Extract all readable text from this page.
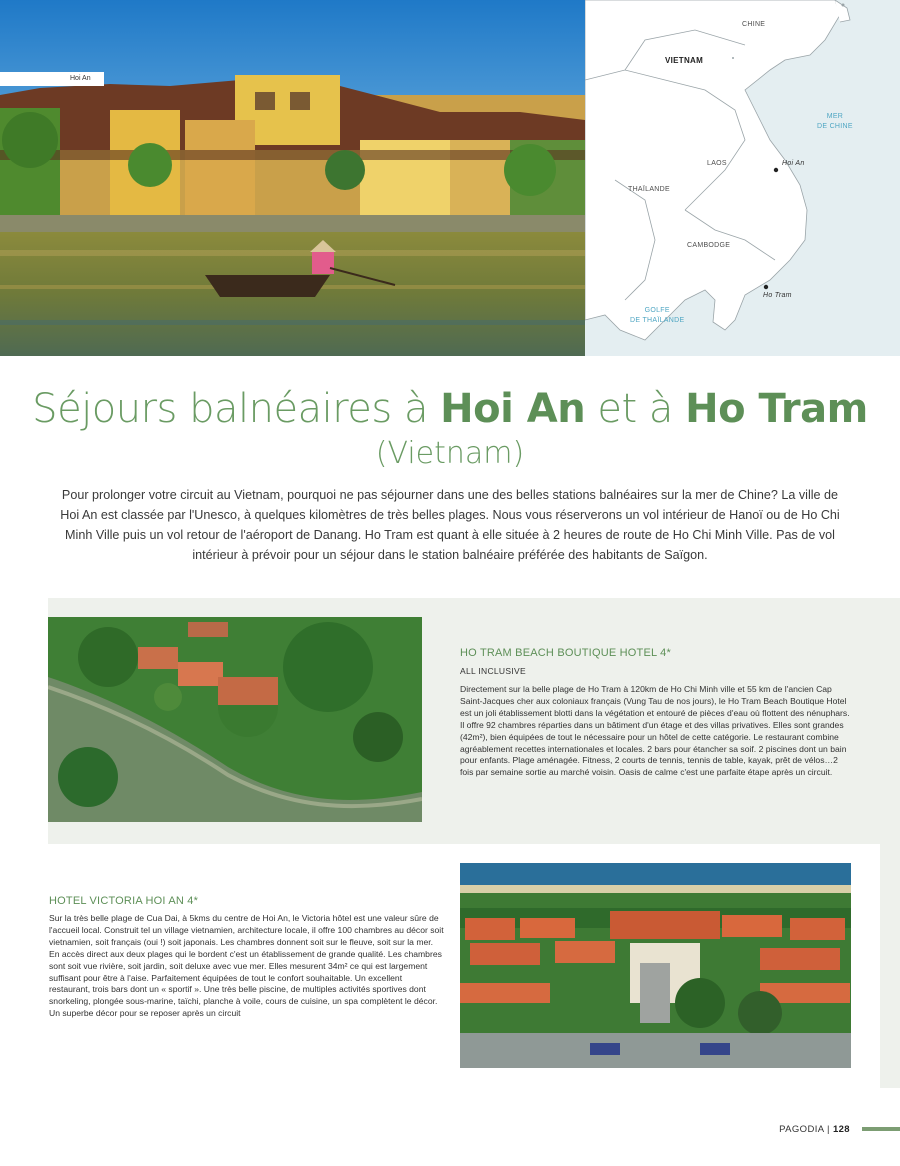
Hoi An
CHINE
VIETNAM
MER
DE CHINE
LAOS	Hoi An
THAÏLANDE
CAMBODGE
Ho Tram
GOLFE
DE THAÏLANDE
Séjours balnéaires à Hoi An et à Ho Tram
(Vietnam)
Pour prolonger votre circuit au Vietnam, pourquoi ne pas séjourner dans une des belles stations balnéaires sur la mer de Chine? La ville de Hoi An est classée par l'Unesco, à quelques kilomètres de très belles plages. Nous vous réserverons un vol intérieur de Hanoï ou de Ho Chi Minh Ville puis un vol retour de l'aéroport de Danang. Ho Tram est quant à elle située à 2 heures de route de Ho Chi Minh Ville. Pas de vol intérieur à prévoir pour un séjour dans le station balnéaire préférée des habitants de Saïgon.
HO TRAM BEACH BOUTIQUE HOTEL 4*
ALL INCLUSIVE
Directement sur la belle plage de Ho Tram à 120km de Ho Chi Minh ville et 55 km de l'ancien Cap Saint-Jacques cher aux coloniaux français (Vung Tau de nos jours), le Ho Tram Beach Boutique Hotel est un joli établissement blotti dans la végétation et entouré de pièces d'eau où flottent des nénuphars. Il offre 92 chambres réparties dans un bâtiment d'un étage et des villas privatives. Elles sont grandes (42m²), bien équipées de tout le nécessaire pour un hôtel de cette catégorie. Le restaurant combine agréablement recettes internationales et locales. 2 bars pour étancher sa soif. 2 piscines dont un bain pour enfants. Plage aménagée. Fitness, 2 courts de tennis, tennis de table, kayak, prêt de vélos…2 fois par semaine sortie au marché voisin. Oasis de calme c'est une parfaite étape après un circuit.
HOTEL VICTORIA HOI AN 4*
Sur la très belle plage de Cua Dai, à 5kms du centre de Hoi An, le Victoria hôtel est une valeur sûre de l'accueil local. Construit tel un village vietnamien, architecture locale, il offre 100 chambres au décor soit vietnamien, soit français (oui !) soit japonais. Les chambres donnent soit sur le fleuve, soit sur la mer. En accès direct aux deux plages qui le bordent c'est un établissement de grande qualité. Les chambres sont soit vue rivière, soit jardin, soit deluxe avec vue mer. Elles mesurent 34m² ce qui est largement suffisant pour être à l'aise. Parfaitement équipées de tout le confort souhaitable. Un excellent restaurant, trois bars dont un « sportif ». Une très belle piscine, de multiples activités sportives dont snorkeling, plongée sous-marine, taïchi, planche à voile, cours de cuisine, un spa complètent le décor. Un superbe décor pour se reposer après un circuit
PAGODIA | 128
